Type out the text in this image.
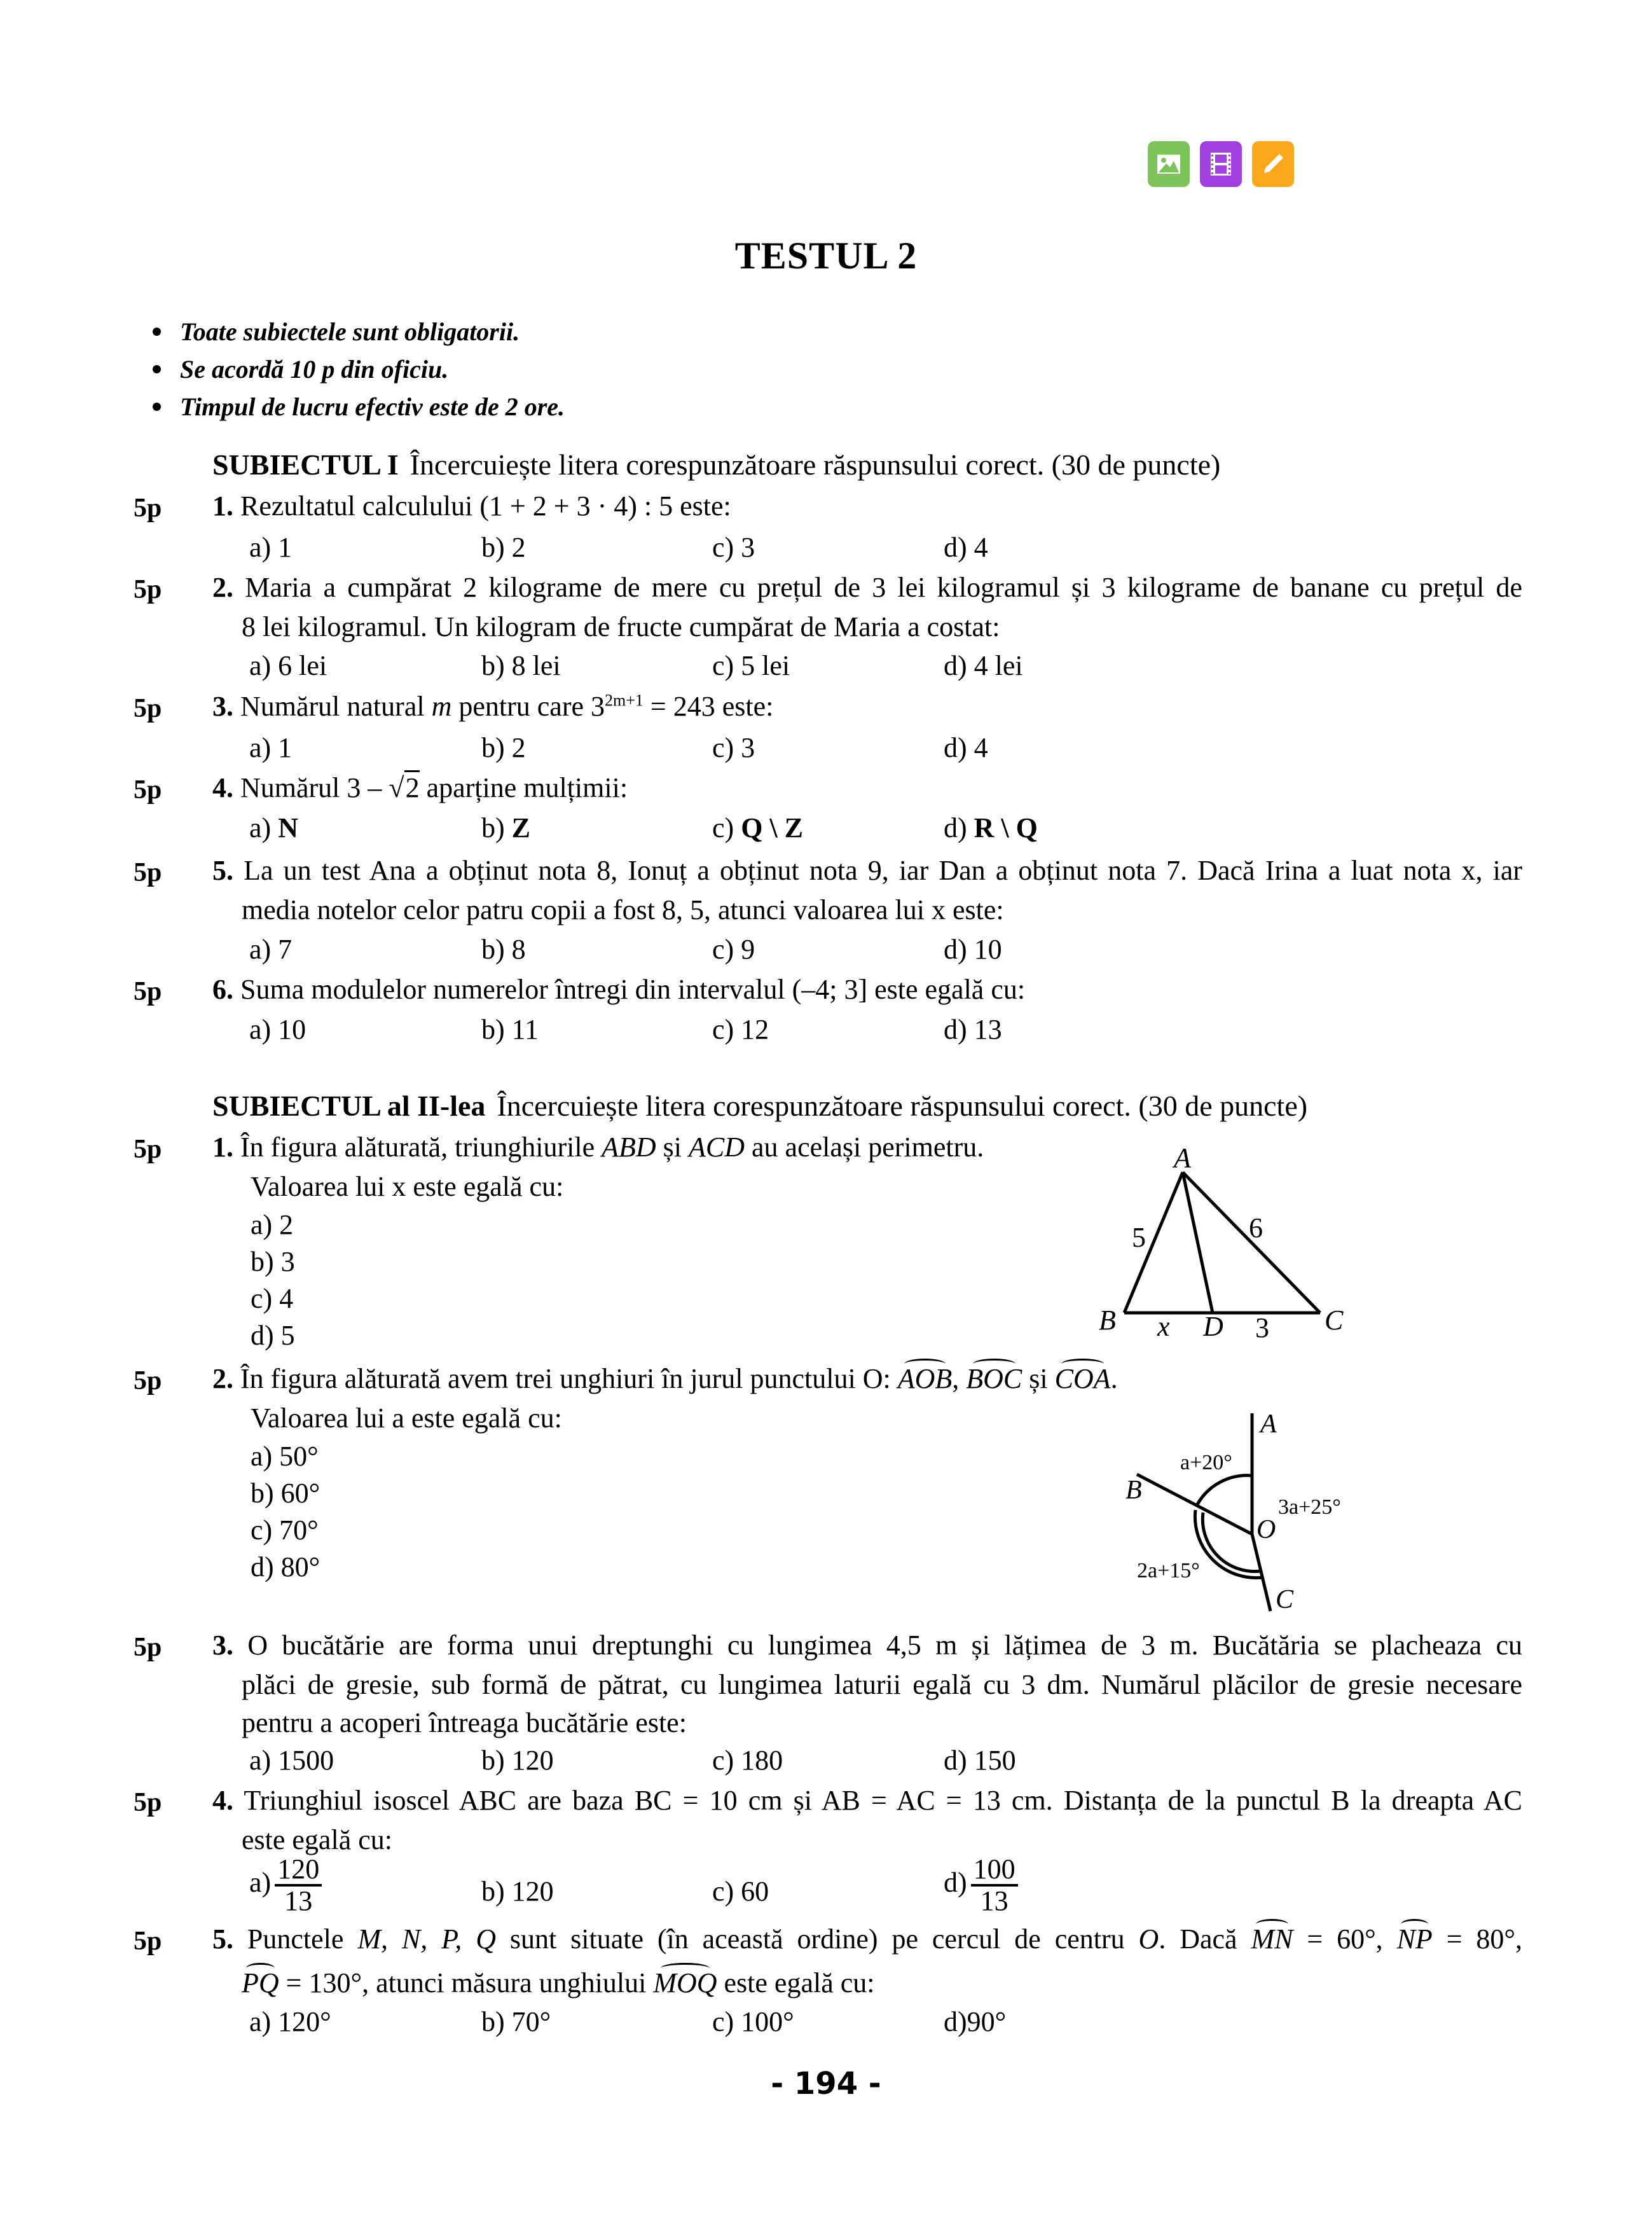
TESTUL 2
Toate subiectele sunt obligatorii.
Se acordă 10 p din oficiu.
Timpul de lucru efectiv este de 2 ore.
SUBIECTUL I Încercuiește litera corespunzătoare răspunsului corect. (30 de puncte)
5p 1. Rezultatul calculului (1 + 2 + 3 · 4) : 5 este:
a) 1	b) 2	c) 3	d) 4
5p 2. Maria a cumpărat 2 kilograme de mere cu prețul de 3 lei kilogramul și 3 kilograme de banane cu prețul de
8 lei kilogramul. Un kilogram de fructe cumpărat de Maria a costat:
a) 6 lei	b) 8 lei	c) 5 lei	d) 4 lei
5p 3. Numărul natural m pentru care $3^{2m+1} = 243$ este:
a) 1	b) 2	c) 3	d) 4
5p 4. Numărul 3 – √2 aparține mulțimii:
a) N	b) Z	c) Q \ Z	d) R \ Q
5p 5. La un test Ana a obținut nota 8, Ionuț a obținut nota 9, iar Dan a obținut nota 7. Dacă Irina a luat nota x, iar
media notelor celor patru copii a fost 8, 5, atunci valoarea lui x este:
a) 7	b) 8	c) 9	d) 10
5p 6. Suma modulelor numerelor întregi din intervalul (–4; 3] este egală cu:
a) 10	b) 11	c) 12	d) 13
SUBIECTUL al II-lea Încercuiește litera corespunzătoare răspunsului corect. (30 de puncte)
5p 1. În figura alăturată, triunghiurile ABD și ACD au același perimetru.
Valoarea lui x este egală cu:
a) 2
b) 3
c) 4
d) 5
A
B	C
D
x
5	6
3
5p 2. În figura alăturată avem trei unghiuri în jurul punctului O: AOB, BOC și COA.
Valoarea lui a este egală cu:
a) 50°
b) 60°
c) 70°
d) 80°
A
B
C
O
a+20°
3a+25°
2a+15°
5p 3. O bucătărie are forma unui dreptunghi cu lungimea 4,5 m și lățimea de 3 m. Bucătăria se placheaza cu
plăci de gresie, sub formă de pătrat, cu lungimea laturii egală cu 3 dm. Numărul plăcilor de gresie necesare
pentru a acoperi întreaga bucătărie este:
a) 1500	b) 120	c) 180	d) 150
5p 4. Triunghiul isoscel ABC are baza BC = 10 cm și AB = AC = 13 cm. Distanța de la punctul B la dreapta AC
este egală cu:
$a) \frac{120}{13}$	b) 120	c) 60	$d) \frac{100}{13}$
5p 5. Punctele M, N, P, Q sunt situate (în această ordine) pe cercul de centru O. Dacă MN = 60°, NP = 80°,
PQ = 130°, atunci măsura unghiului MOQ este egală cu:
a) 120°	b) 70°	c) 100°	d)90°
- 194 -
